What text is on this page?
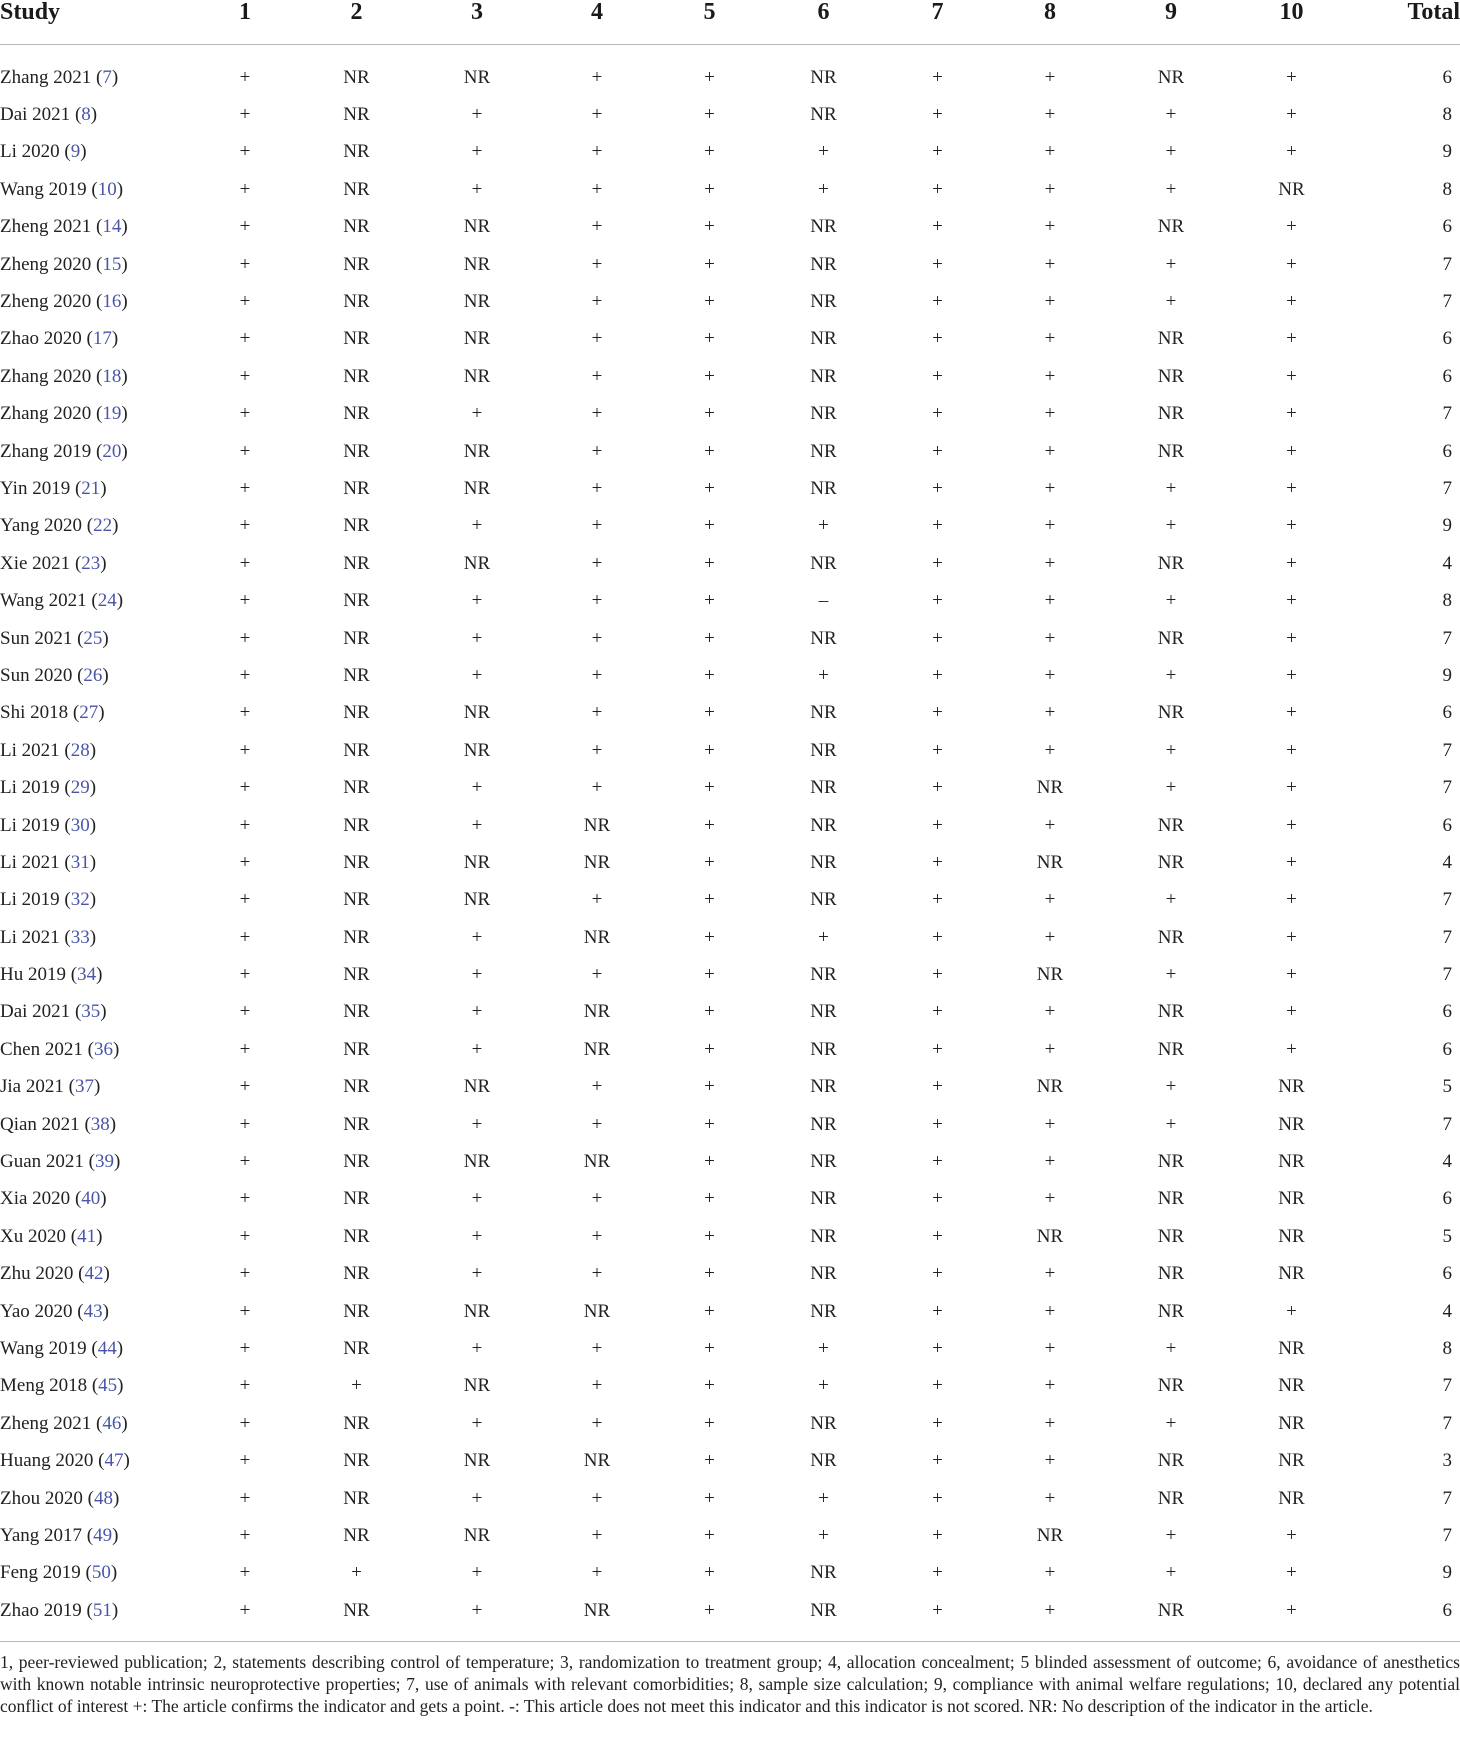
Study	1	2	3	4	5	6	7	8	9	10	Total
Zhang 2021 (7)	+	NR	NR	+	+	NR	+	+	NR	+	6
Dai 2021 (8)	+	NR	+	+	+	NR	+	+	+	+	8
Li 2020 (9)	+	NR	+	+	+	+	+	+	+	+	9
Wang 2019 (10)	+	NR	+	+	+	+	+	+	+	NR	8
Zheng 2021 (14)	+	NR	NR	+	+	NR	+	+	NR	+	6
Zheng 2020 (15)	+	NR	NR	+	+	NR	+	+	+	+	7
Zheng 2020 (16)	+	NR	NR	+	+	NR	+	+	+	+	7
Zhao 2020 (17)	+	NR	NR	+	+	NR	+	+	NR	+	6
Zhang 2020 (18)	+	NR	NR	+	+	NR	+	+	NR	+	6
Zhang 2020 (19)	+	NR	+	+	+	NR	+	+	NR	+	7
Zhang 2019 (20)	+	NR	NR	+	+	NR	+	+	NR	+	6
Yin 2019 (21)	+	NR	NR	+	+	NR	+	+	+	+	7
Yang 2020 (22)	+	NR	+	+	+	+	+	+	+	+	9
Xie 2021 (23)	+	NR	NR	+	+	NR	+	+	NR	+	4
Wang 2021 (24)	+	NR	+	+	+	–	+	+	+	+	8
Sun 2021 (25)	+	NR	+	+	+	NR	+	+	NR	+	7
Sun 2020 (26)	+	NR	+	+	+	+	+	+	+	+	9
Shi 2018 (27)	+	NR	NR	+	+	NR	+	+	NR	+	6
Li 2021 (28)	+	NR	NR	+	+	NR	+	+	+	+	7
Li 2019 (29)	+	NR	+	+	+	NR	+	NR	+	+	7
Li 2019 (30)	+	NR	+	NR	+	NR	+	+	NR	+	6
Li 2021 (31)	+	NR	NR	NR	+	NR	+	NR	NR	+	4
Li 2019 (32)	+	NR	NR	+	+	NR	+	+	+	+	7
Li 2021 (33)	+	NR	+	NR	+	+	+	+	NR	+	7
Hu 2019 (34)	+	NR	+	+	+	NR	+	NR	+	+	7
Dai 2021 (35)	+	NR	+	NR	+	NR	+	+	NR	+	6
Chen 2021 (36)	+	NR	+	NR	+	NR	+	+	NR	+	6
Jia 2021 (37)	+	NR	NR	+	+	NR	+	NR	+	NR	5
Qian 2021 (38)	+	NR	+	+	+	NR	+	+	+	NR	7
Guan 2021 (39)	+	NR	NR	NR	+	NR	+	+	NR	NR	4
Xia 2020 (40)	+	NR	+	+	+	NR	+	+	NR	NR	6
Xu 2020 (41)	+	NR	+	+	+	NR	+	NR	NR	NR	5
Zhu 2020 (42)	+	NR	+	+	+	NR	+	+	NR	NR	6
Yao 2020 (43)	+	NR	NR	NR	+	NR	+	+	NR	+	4
Wang 2019 (44)	+	NR	+	+	+	+	+	+	+	NR	8
Meng 2018 (45)	+	+	NR	+	+	+	+	+	NR	NR	7
Zheng 2021 (46)	+	NR	+	+	+	NR	+	+	+	NR	7
Huang 2020 (47)	+	NR	NR	NR	+	NR	+	+	NR	NR	3
Zhou 2020 (48)	+	NR	+	+	+	+	+	+	NR	NR	7
Yang 2017 (49)	+	NR	NR	+	+	+	+	NR	+	+	7
Feng 2019 (50)	+	+	+	+	+	NR	+	+	+	+	9
Zhao 2019 (51)	+	NR	+	NR	+	NR	+	+	NR	+	6

1, peer-reviewed publication; 2, statements describing control of temperature; 3, randomization to treatment group; 4, allocation concealment; 5 blinded assessment of outcome; 6, avoidance of anesthetics with known notable intrinsic neuroprotective properties; 7, use of animals with relevant comorbidities; 8, sample size calculation; 9, compliance with animal welfare regulations; 10, declared any potential conflict of interest +: The article confirms the indicator and gets a point. -: This article does not meet this indicator and this indicator is not scored. NR: No description of the indicator in the article.
